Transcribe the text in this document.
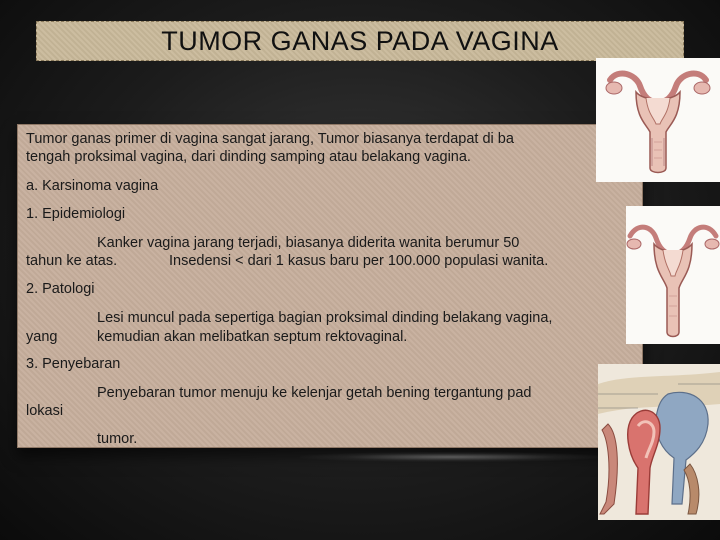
TUMOR GANAS PADA VAGINA
Tumor ganas primer di vagina sangat jarang, Tumor biasanya terdapat di ba
tengah proksimal vagina, dari dinding samping atau belakang vagina.
a. Karsinoma vagina
1. Epidemiologi
Kanker vagina jarang terjadi, biasanya diderita wanita berumur 50
tahun ke atas.	Insedensi < dari 1 kasus baru per 100.000 populasi wanita.
2. Patologi
Lesi muncul pada sepertiga bagian proksimal dinding belakang vagina,
yang	kemudian akan melibatkan septum rektovaginal.
3. Penyebaran
Penyebaran tumor menuju ke kelenjar getah bening tergantung pad
lokasi
tumor.
